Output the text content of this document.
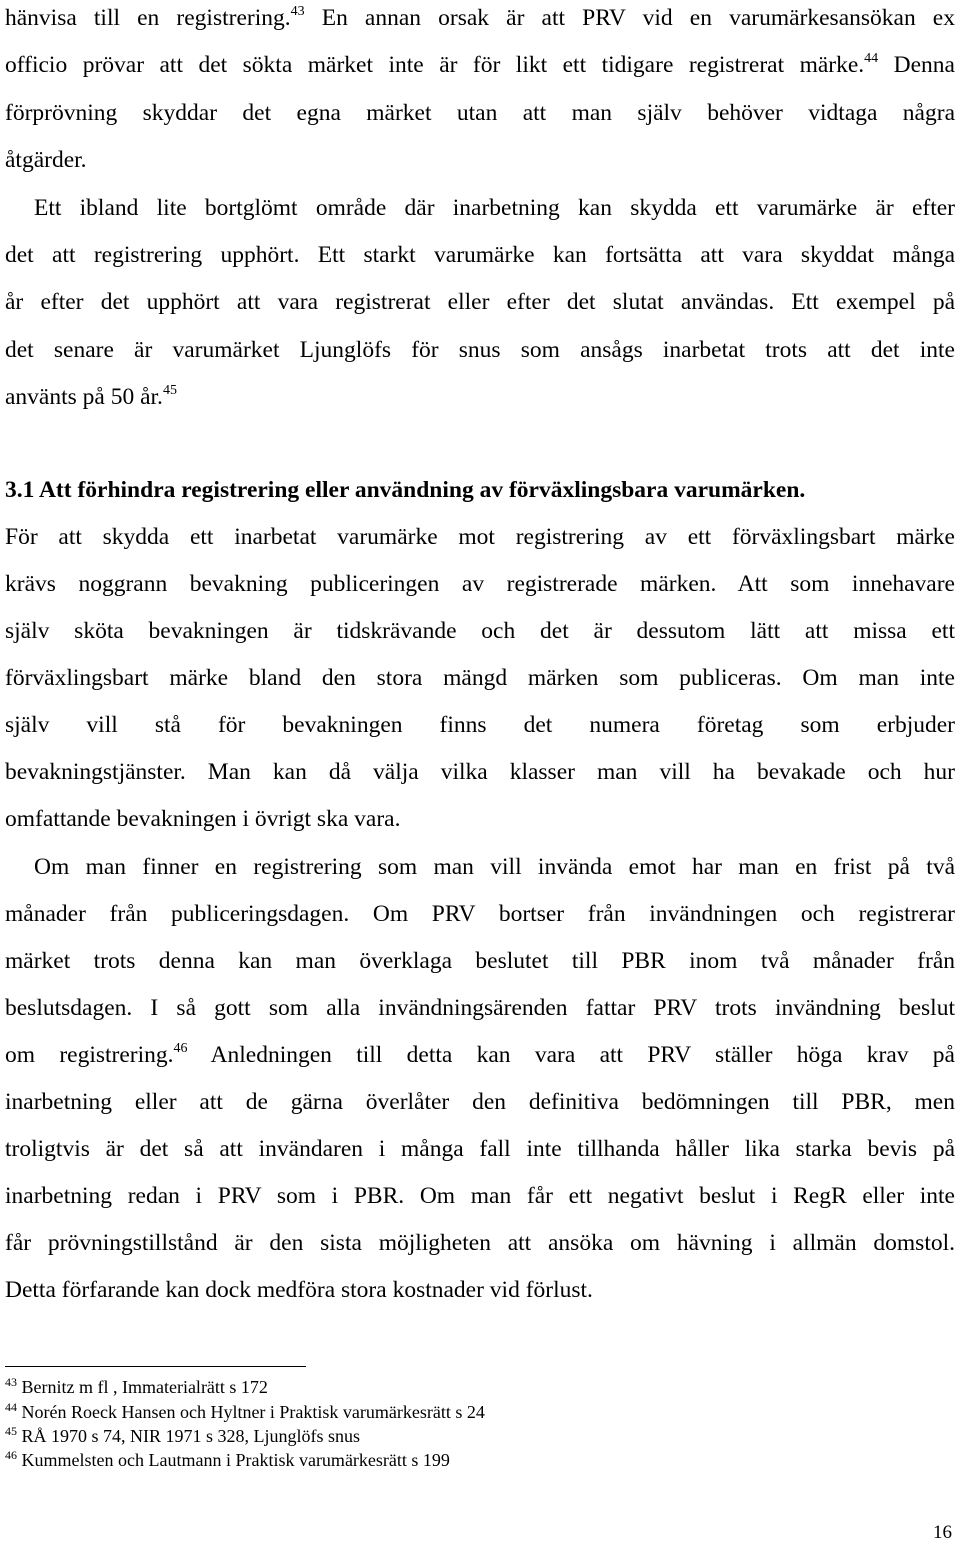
hänvisa till en registrering.$^{43}$ En annan orsak är att PRV vid en varumärkesansökan ex
officio prövar att det sökta märket inte är för likt ett tidigare registrerat märke.$^{44}$ Denna
förprövning skyddar det egna märket utan att man själv behöver vidtaga några
åtgärder.
Ett ibland lite bortglömt område där inarbetning kan skydda ett varumärke är efter
det att registrering upphört. Ett starkt varumärke kan fortsätta att vara skyddat många
år efter det upphört att vara registrerat eller efter det slutat användas. Ett exempel på
det senare är varumärket Ljunglöfs för snus som ansågs inarbetat trots att det inte
använts på 50 år.$^{45}$
3.1 Att förhindra registrering eller användning av förväxlingsbara varumärken.
För att skydda ett inarbetat varumärke mot registrering av ett förväxlingsbart märke
krävs noggrann bevakning publiceringen av registrerade märken. Att som innehavare
själv sköta bevakningen är tidskrävande och det är dessutom lätt att missa ett
förväxlingsbart märke bland den stora mängd märken som publiceras. Om man inte
själv vill stå för bevakningen finns det numera företag som erbjuder
bevakningstjänster. Man kan då välja vilka klasser man vill ha bevakade och hur
omfattande bevakningen i övrigt ska vara.
Om man finner en registrering som man vill invända emot har man en frist på två
månader från publiceringsdagen. Om PRV bortser från invändningen och registrerar
märket trots denna kan man överklaga beslutet till PBR inom två månader från
beslutsdagen. I så gott som alla invändningsärenden fattar PRV trots invändning beslut
om registrering.$^{46}$ Anledningen till detta kan vara att PRV ställer höga krav på
inarbetning eller att de gärna överlåter den definitiva bedömningen till PBR, men
troligtvis är det så att invändaren i många fall inte tillhanda håller lika starka bevis på
inarbetning redan i PRV som i PBR. Om man får ett negativt beslut i RegR eller inte
får prövningstillstånd är den sista möjligheten att ansöka om hävning i allmän domstol.
Detta förfarande kan dock medföra stora kostnader vid förlust.
$^{43}$ Bernitz m fl , Immaterialrätt s 172
$^{44}$ Norén Roeck Hansen och Hyltner i Praktisk varumärkesrätt s 24
$^{45}$ RÅ 1970 s 74, NIR 1971 s 328, Ljunglöfs snus
$^{46}$ Kummelsten och Lautmann i Praktisk varumärkesrätt s 199
16
